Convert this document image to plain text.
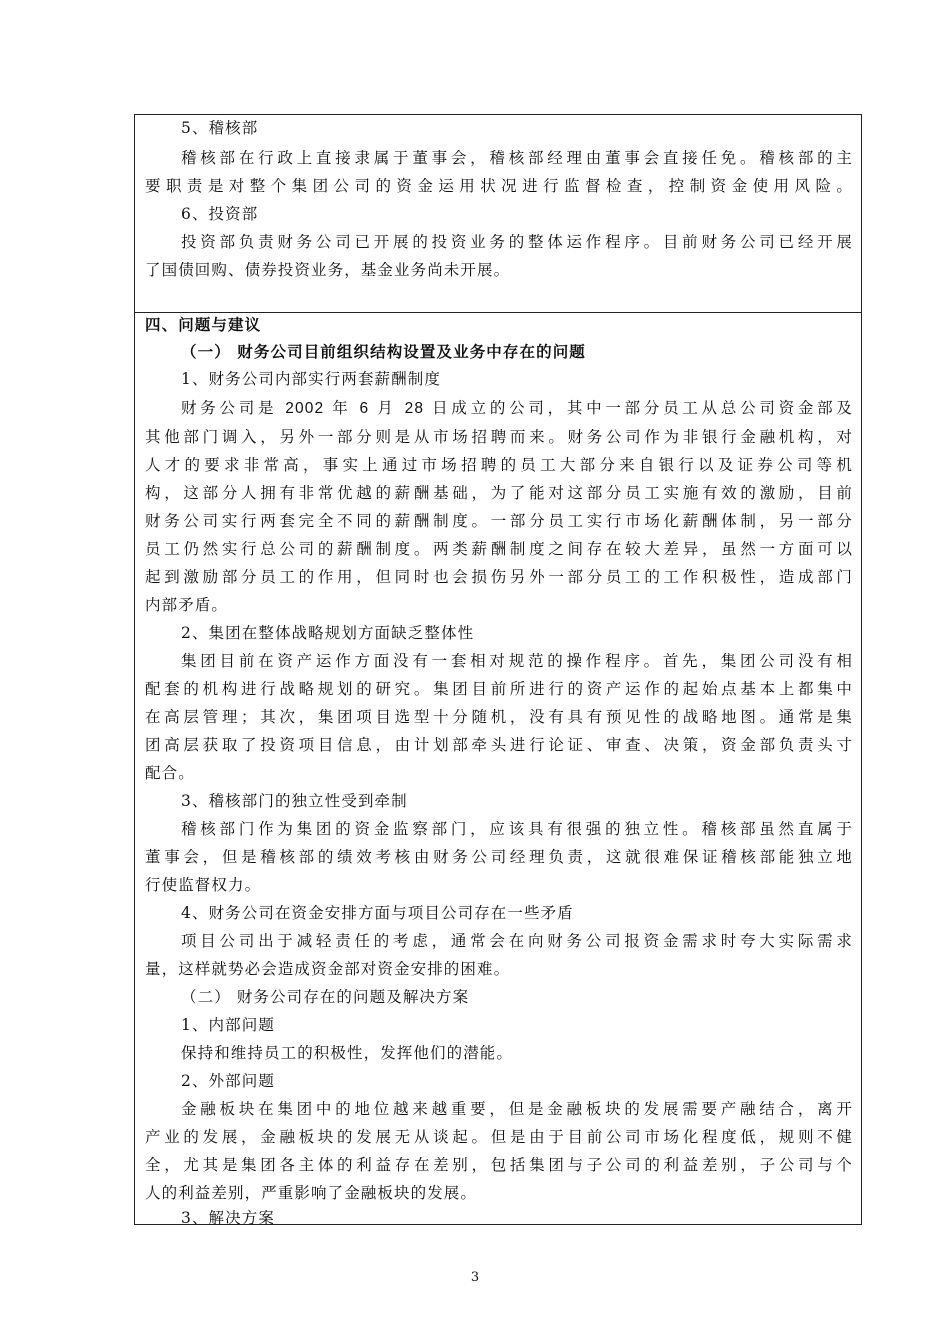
5、稽核部
稽核部在行政上直接隶属于董事会，稽核部经理由董事会直接任免。稽核部的主
要职责是对整个集团公司的资金运用状况进行监督检查，控制资金使用风险。
6、投资部
投资部负责财务公司已开展的投资业务的整体运作程序。目前财务公司已经开展
了国债回购、债券投资业务，基金业务尚未开展。
四、问题与建议
（一） 财务公司目前组织结构设置及业务中存在的问题
1、财务公司内部实行两套薪酬制度
财务公司是 2002 年 6 月 28 日成立的公司，其中一部分员工从总公司资金部及
其他部门调入，另外一部分则是从市场招聘而来。财务公司作为非银行金融机构，对
人才的要求非常高，事实上通过市场招聘的员工大部分来自银行以及证券公司等机
构，这部分人拥有非常优越的薪酬基础，为了能对这部分员工实施有效的激励，目前
财务公司实行两套完全不同的薪酬制度。一部分员工实行市场化薪酬体制，另一部分
员工仍然实行总公司的薪酬制度。两类薪酬制度之间存在较大差异，虽然一方面可以
起到激励部分员工的作用，但同时也会损伤另外一部分员工的工作积极性，造成部门
内部矛盾。
2、集团在整体战略规划方面缺乏整体性
集团目前在资产运作方面没有一套相对规范的操作程序。首先，集团公司没有相
配套的机构进行战略规划的研究。集团目前所进行的资产运作的起始点基本上都集中
在高层管理；其次，集团项目选型十分随机，没有具有预见性的战略地图。通常是集
团高层获取了投资项目信息，由计划部牵头进行论证、审查、决策，资金部负责头寸
配合。
3、稽核部门的独立性受到牵制
稽核部门作为集团的资金监察部门，应该具有很强的独立性。稽核部虽然直属于
董事会，但是稽核部的绩效考核由财务公司经理负责，这就很难保证稽核部能独立地
行使监督权力。
4、财务公司在资金安排方面与项目公司存在一些矛盾
项目公司出于减轻责任的考虑，通常会在向财务公司报资金需求时夸大实际需求
量，这样就势必会造成资金部对资金安排的困难。
（二） 财务公司存在的问题及解决方案
1、内部问题
保持和维持员工的积极性，发挥他们的潜能。
2、外部问题
金融板块在集团中的地位越来越重要，但是金融板块的发展需要产融结合，离开
产业的发展，金融板块的发展无从谈起。但是由于目前公司市场化程度低，规则不健
全，尤其是集团各主体的利益存在差别，包括集团与子公司的利益差别，子公司与个
人的利益差别，严重影响了金融板块的发展。
3、解决方案
3
